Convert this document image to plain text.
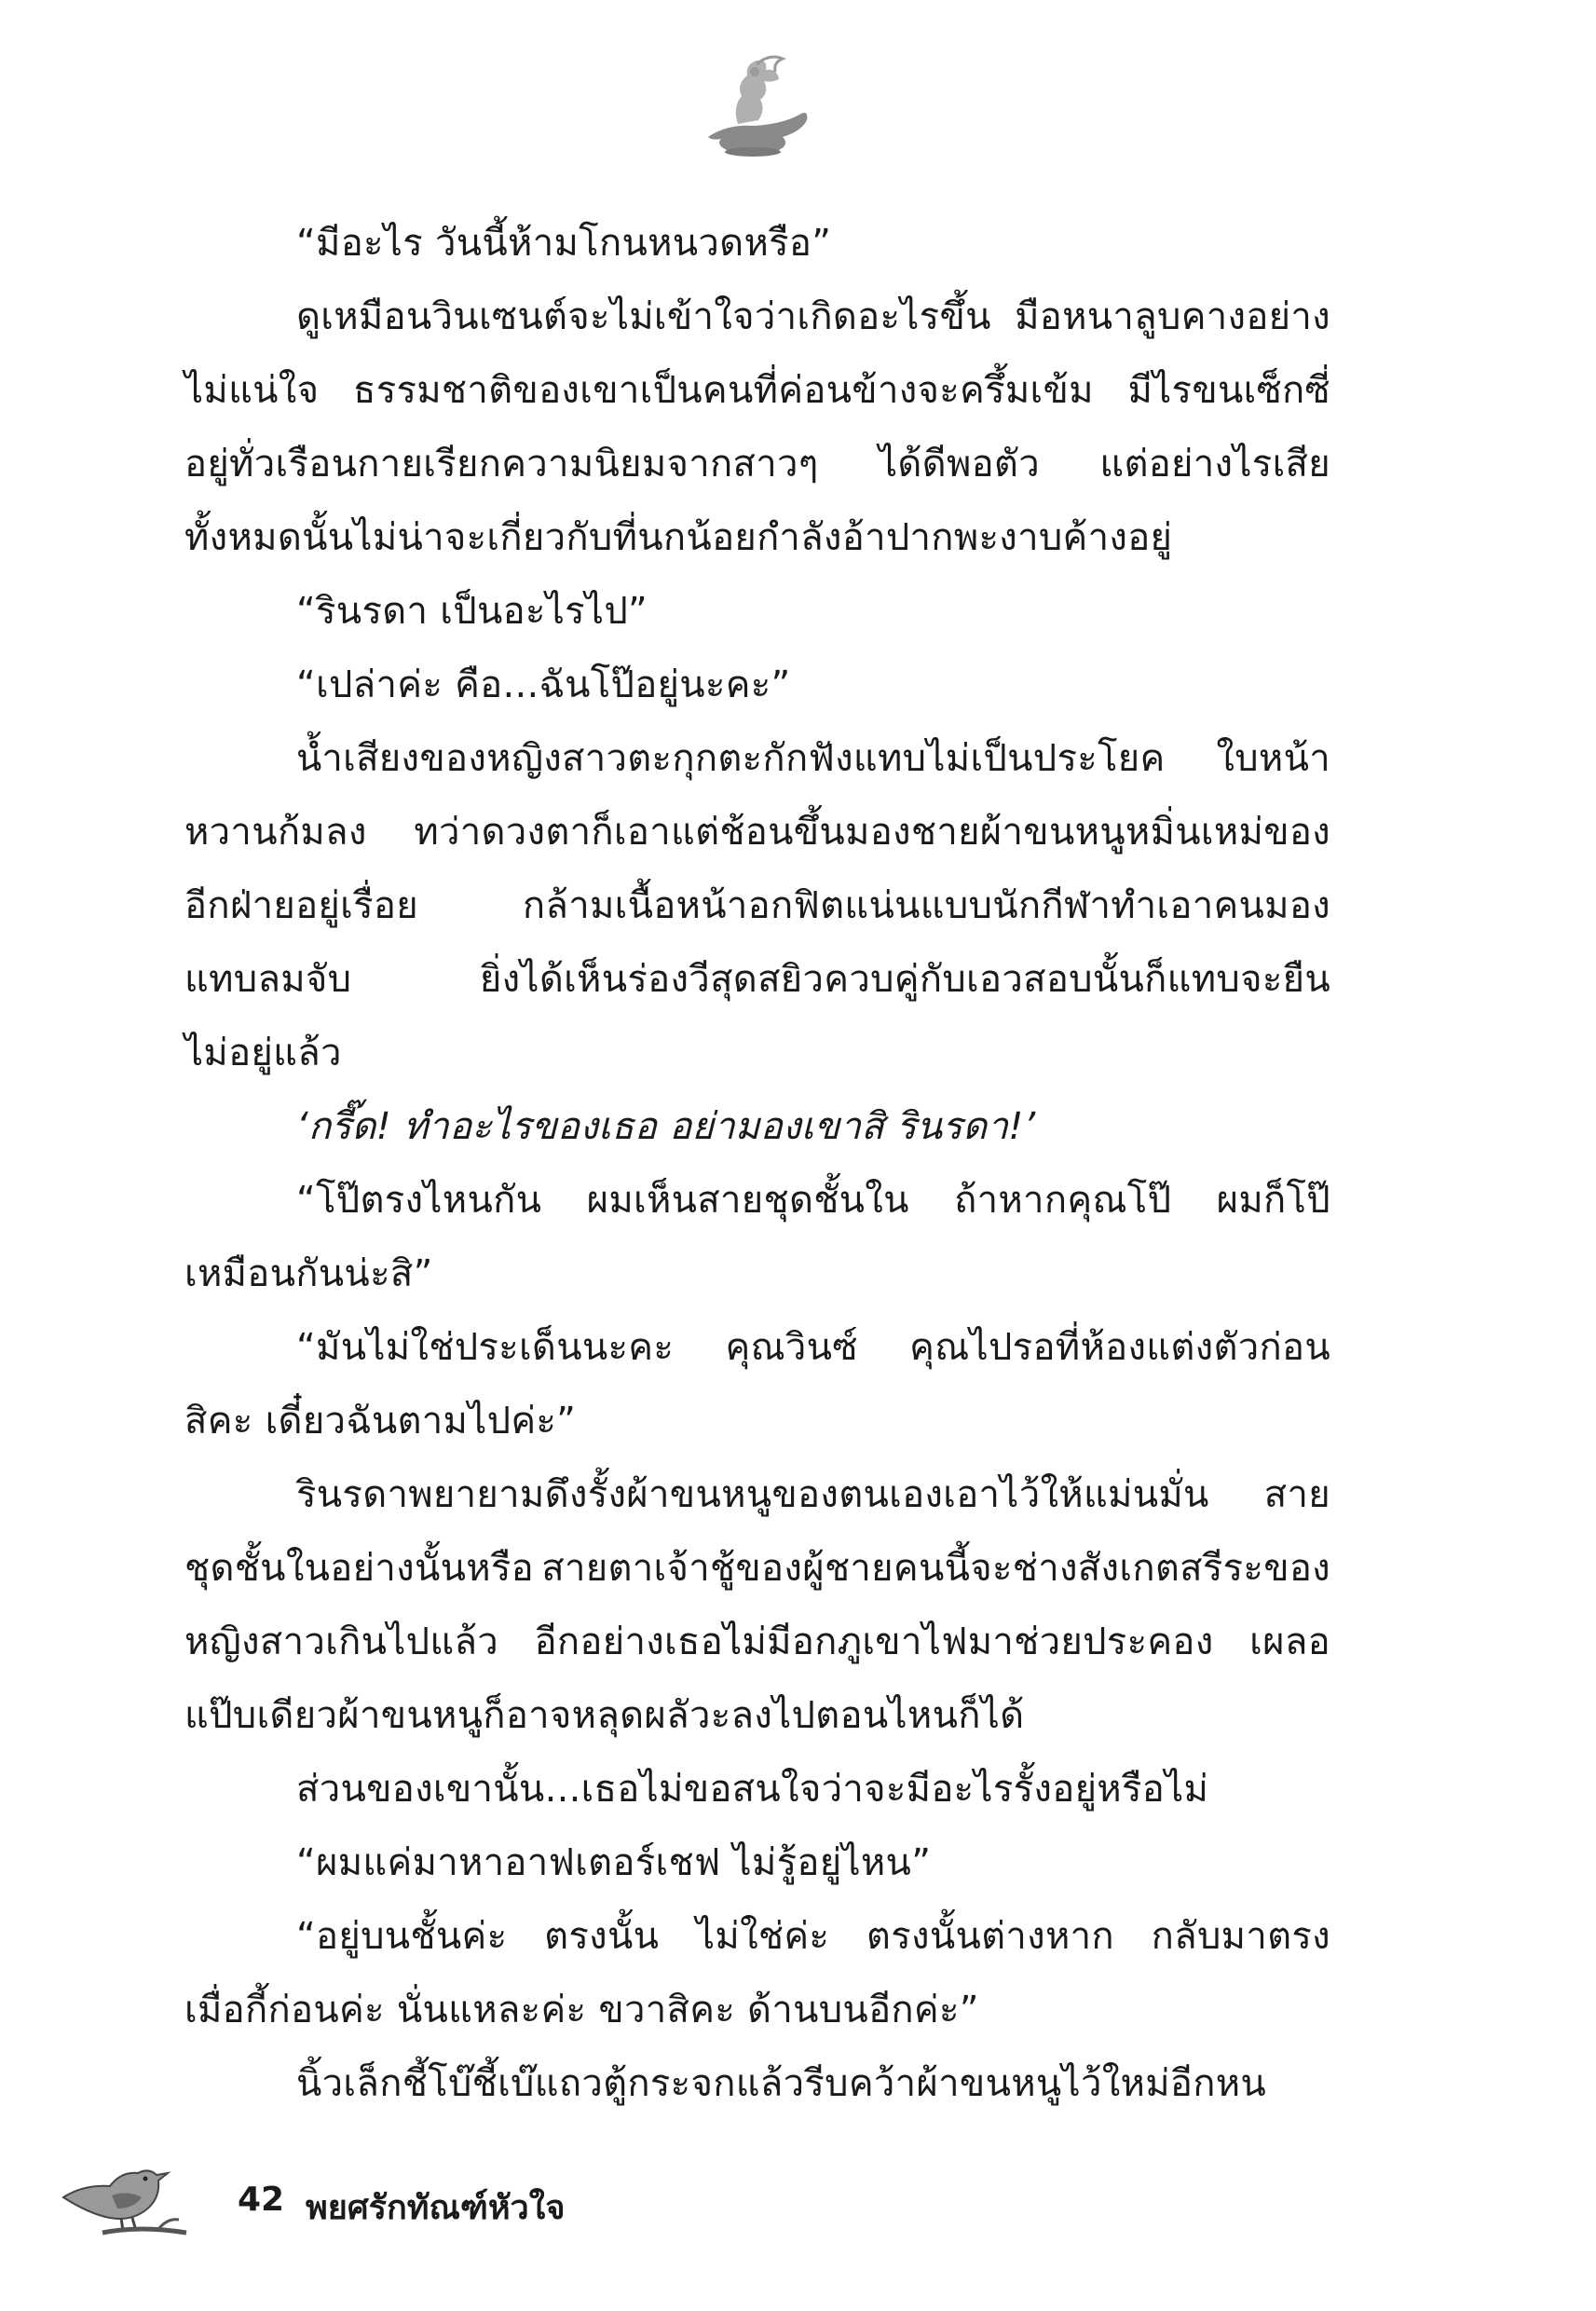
“มีอะไร วันนี้ห้ามโกนหนวดหรือ”
ดูเหมือนวินเซนต์จะไม่เข้าใจว่าเกิดอะไรขึ้น มือหนาลูบคางอย่าง
ไม่แน่ใจ ธรรมชาติของเขาเป็นคนที่ค่อนข้างจะครึ้มเข้ม มีไรขนเซ็กซี่
อยู่ทั่วเรือนกายเรียกความนิยมจากสาวๆ ได้ดีพอตัว แต่อย่างไรเสีย
ทั้งหมดนั้นไม่น่าจะเกี่ยวกับที่นกน้อยกำลังอ้าปากพะงาบค้างอยู่
“รินรดา เป็นอะไรไป”
“เปล่าค่ะ คือ...ฉันโป๊อยู่นะคะ”
น้ำเสียงของหญิงสาวตะกุกตะกักฟังแทบไม่เป็นประโยค ใบหน้า
หวานก้มลง ทว่าดวงตาก็เอาแต่ช้อนขึ้นมองชายผ้าขนหนูหมิ่นเหม่ของ
อีกฝ่ายอยู่เรื่อย	กล้ามเนื้อหน้าอกฟิตแน่นแบบนักกีฬาทำเอาคนมอง
แทบลมจับ	ยิ่งได้เห็นร่องวีสุดสยิวควบคู่กับเอวสอบนั้นก็แทบจะยืน
ไม่อยู่แล้ว
‘กรี๊ด! ทำอะไรของเธอ อย่ามองเขาสิ รินรดา!’
“โป๊ตรงไหนกัน ผมเห็นสายชุดชั้นใน ถ้าหากคุณโป๊ ผมก็โป๊
เหมือนกันน่ะสิ”
“มันไม่ใช่ประเด็นนะคะ คุณวินซ์ คุณไปรอที่ห้องแต่งตัวก่อน
สิคะ เดี๋ยวฉันตามไปค่ะ”
รินรดาพยายามดึงรั้งผ้าขนหนูของตนเองเอาไว้ให้แม่นมั่น สาย
ชุดชั้นในอย่างนั้นหรือ สายตาเจ้าชู้ของผู้ชายคนนี้จะช่างสังเกตสรีระของ
หญิงสาวเกินไปแล้ว อีกอย่างเธอไม่มีอกภูเขาไฟมาช่วยประคอง เผลอ
แป๊บเดียวผ้าขนหนูก็อาจหลุดผลัวะลงไปตอนไหนก็ได้
ส่วนของเขานั้น...เธอไม่ขอสนใจว่าจะมีอะไรรั้งอยู่หรือไม่
“ผมแค่มาหาอาฟเตอร์เชฟ ไม่รู้อยู่ไหน”
“อยู่บนชั้นค่ะ ตรงนั้น ไม่ใช่ค่ะ ตรงนั้นต่างหาก กลับมาตรง
เมื่อกี้ก่อนค่ะ นั่นแหละค่ะ ขวาสิคะ ด้านบนอีกค่ะ”
นิ้วเล็กชี้โบ๊ชี้เบ๊แถวตู้กระจกแล้วรีบคว้าผ้าขนหนูไว้ใหม่อีกหน
42 พยศรักทัณฑ์หัวใจ
